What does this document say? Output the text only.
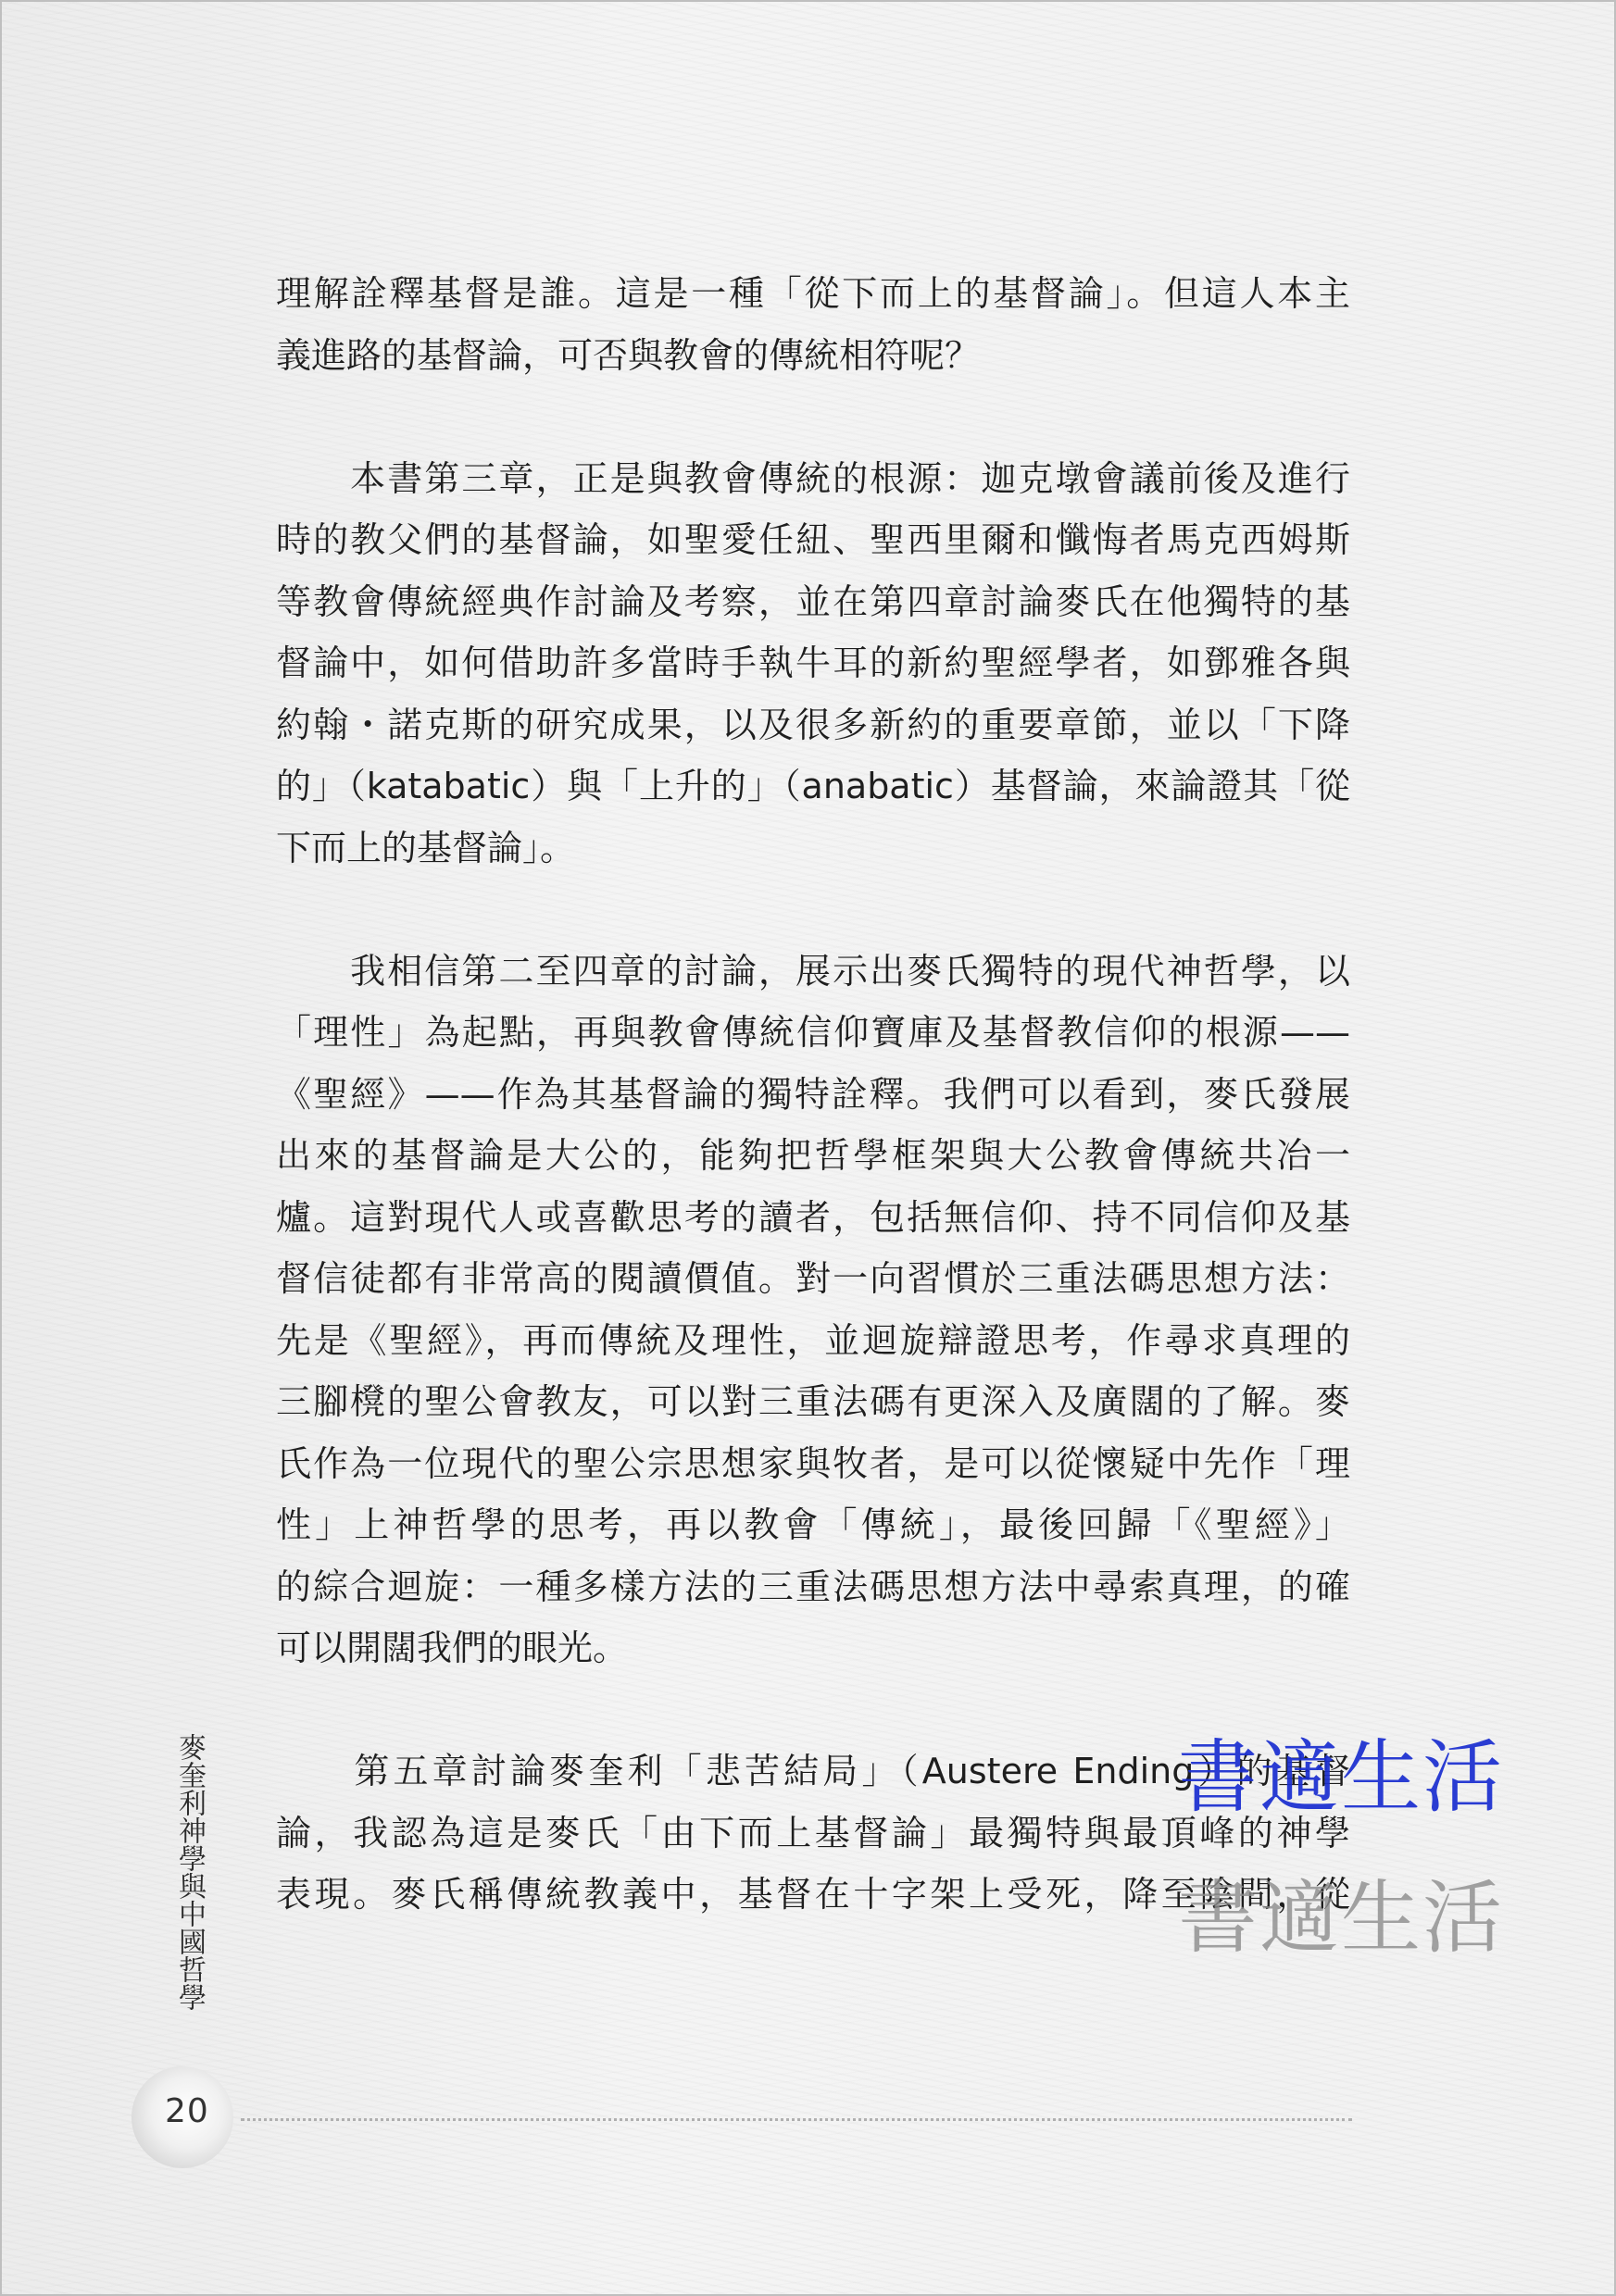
理解詮釋基督是誰。這是一種「從下而上的基督論」。但這人本主
義進路的基督論，可否與教會的傳統相符呢？
　　本書第三章，正是與教會傳統的根源：迦克墩會議前後及進行
時的教父們的基督論，如聖愛任紐、聖西里爾和懺悔者馬克西姆斯
等教會傳統經典作討論及考察，並在第四章討論麥氏在他獨特的基
督論中，如何借助許多當時手執牛耳的新約聖經學者，如鄧雅各與
約翰・諾克斯的研究成果，以及很多新約的重要章節，並以「下降
的」（katabatic）與「上升的」（anabatic）基督論，來論證其「從
下而上的基督論」。
　　我相信第二至四章的討論，展示出麥氏獨特的現代神哲學，以
「理性」為起點，再與教會傳統信仰寶庫及基督教信仰的根源——
《聖經》——作為其基督論的獨特詮釋。我們可以看到，麥氏發展
出來的基督論是大公的，能夠把哲學框架與大公教會傳統共冶一
爐。這對現代人或喜歡思考的讀者，包括無信仰、持不同信仰及基
督信徒都有非常高的閱讀價值。對一向習慣於三重法碼思想方法：
先是《聖經》，再而傳統及理性，並迴旋辯證思考，作尋求真理的
三腳櫈的聖公會教友，可以對三重法碼有更深入及廣闊的了解。麥
氏作為一位現代的聖公宗思想家與牧者，是可以從懷疑中先作「理
性」上神哲學的思考，再以教會「傳統」，最後回歸「《聖經》」
的綜合迴旋：一種多樣方法的三重法碼思想方法中尋索真理，的確
可以開闊我們的眼光。
　　第五章討論麥奎利「悲苦結局」（Austere Ending）的基督
論，我認為這是麥氏「由下而上基督論」最獨特與最頂峰的神學
表現。麥氏稱傳統教義中，基督在十字架上受死，降至陰間，從
麥奎利神學與中國哲學
20
書適生活
書適生活
